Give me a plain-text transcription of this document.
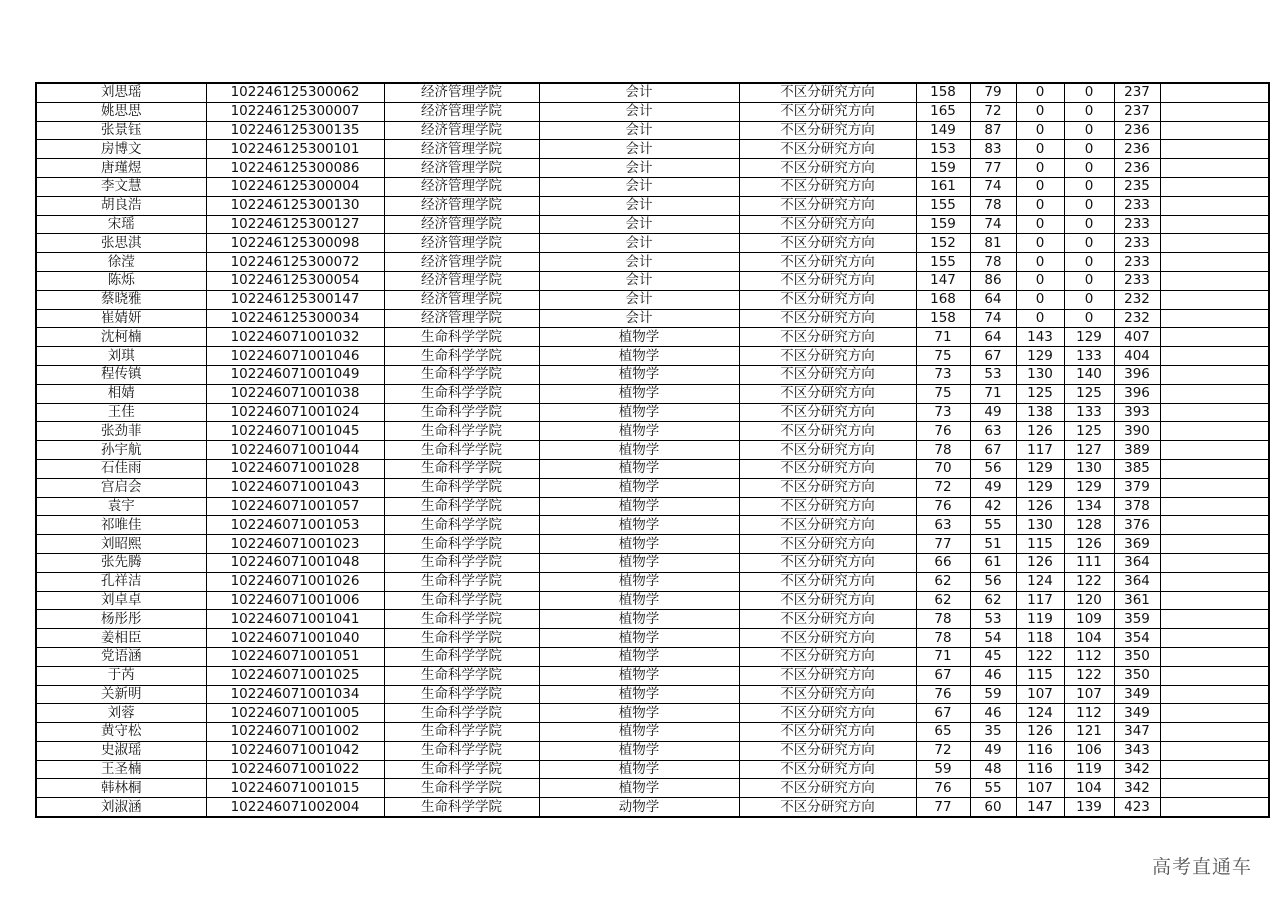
刘思瑶	102246125300062	经济管理学院	会计	不区分研究方向	158	79	0	0	237	
姚思思	102246125300007	经济管理学院	会计	不区分研究方向	165	72	0	0	237	
张景钰	102246125300135	经济管理学院	会计	不区分研究方向	149	87	0	0	236	
房博文	102246125300101	经济管理学院	会计	不区分研究方向	153	83	0	0	236	
唐瑾煜	102246125300086	经济管理学院	会计	不区分研究方向	159	77	0	0	236	
李文慧	102246125300004	经济管理学院	会计	不区分研究方向	161	74	0	0	235	
胡良浩	102246125300130	经济管理学院	会计	不区分研究方向	155	78	0	0	233	
宋瑶	102246125300127	经济管理学院	会计	不区分研究方向	159	74	0	0	233	
张思淇	102246125300098	经济管理学院	会计	不区分研究方向	152	81	0	0	233	
徐滢	102246125300072	经济管理学院	会计	不区分研究方向	155	78	0	0	233	
陈烁	102246125300054	经济管理学院	会计	不区分研究方向	147	86	0	0	233	
蔡晓雅	102246125300147	经济管理学院	会计	不区分研究方向	168	64	0	0	232	
崔婧妍	102246125300034	经济管理学院	会计	不区分研究方向	158	74	0	0	232	
沈柯楠	102246071001032	生命科学学院	植物学	不区分研究方向	71	64	143	129	407	
刘琪	102246071001046	生命科学学院	植物学	不区分研究方向	75	67	129	133	404	
程传镇	102246071001049	生命科学学院	植物学	不区分研究方向	73	53	130	140	396	
相婧	102246071001038	生命科学学院	植物学	不区分研究方向	75	71	125	125	396	
王佳	102246071001024	生命科学学院	植物学	不区分研究方向	73	49	138	133	393	
张劲菲	102246071001045	生命科学学院	植物学	不区分研究方向	76	63	126	125	390	
孙宇航	102246071001044	生命科学学院	植物学	不区分研究方向	78	67	117	127	389	
石佳雨	102246071001028	生命科学学院	植物学	不区分研究方向	70	56	129	130	385	
宫启会	102246071001043	生命科学学院	植物学	不区分研究方向	72	49	129	129	379	
袁宇	102246071001057	生命科学学院	植物学	不区分研究方向	76	42	126	134	378	
祁唯佳	102246071001053	生命科学学院	植物学	不区分研究方向	63	55	130	128	376	
刘昭熙	102246071001023	生命科学学院	植物学	不区分研究方向	77	51	115	126	369	
张先腾	102246071001048	生命科学学院	植物学	不区分研究方向	66	61	126	111	364	
孔祥洁	102246071001026	生命科学学院	植物学	不区分研究方向	62	56	124	122	364	
刘卓卓	102246071001006	生命科学学院	植物学	不区分研究方向	62	62	117	120	361	
杨彤彤	102246071001041	生命科学学院	植物学	不区分研究方向	78	53	119	109	359	
姜相臣	102246071001040	生命科学学院	植物学	不区分研究方向	78	54	118	104	354	
党语涵	102246071001051	生命科学学院	植物学	不区分研究方向	71	45	122	112	350	
于芮	102246071001025	生命科学学院	植物学	不区分研究方向	67	46	115	122	350	
关新明	102246071001034	生命科学学院	植物学	不区分研究方向	76	59	107	107	349	
刘蓉	102246071001005	生命科学学院	植物学	不区分研究方向	67	46	124	112	349	
黄守松	102246071001002	生命科学学院	植物学	不区分研究方向	65	35	126	121	347	
史淑瑶	102246071001042	生命科学学院	植物学	不区分研究方向	72	49	116	106	343	
王圣楠	102246071001022	生命科学学院	植物学	不区分研究方向	59	48	116	119	342	
韩林桐	102246071001015	生命科学学院	植物学	不区分研究方向	76	55	107	104	342	
刘淑涵	102246071002004	生命科学学院	动物学	不区分研究方向	77	60	147	139	423	
高考直通车
